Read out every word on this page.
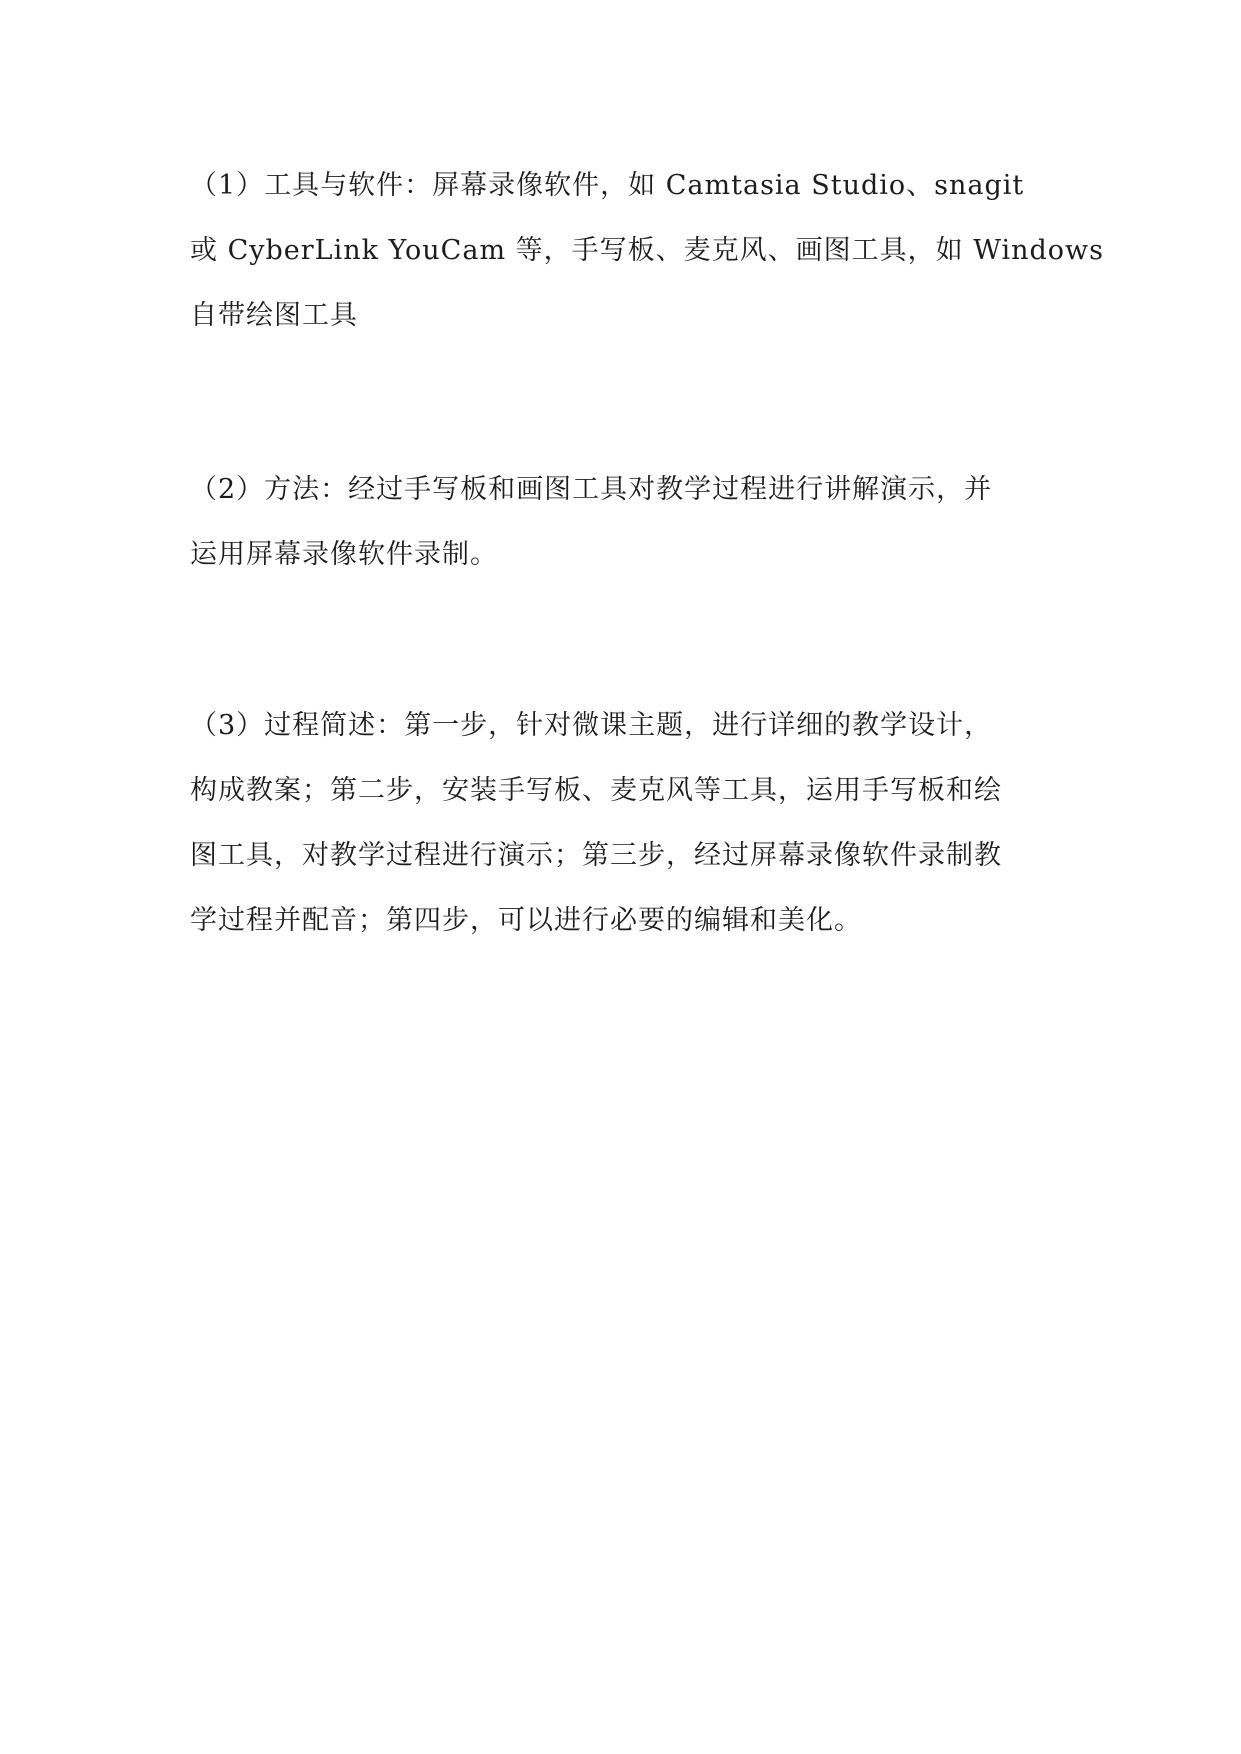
（1）工具与软件：屏幕录像软件，如 Camtasia Studio、snagit
或 CyberLink YouCam 等，手写板、麦克风、画图工具，如 Windows
自带绘图工具

（2）方法：经过手写板和画图工具对教学过程进行讲解演示，并
运用屏幕录像软件录制。

（3）过程简述：第一步，针对微课主题，进行详细的教学设计，
构成教案；第二步，安装手写板、麦克风等工具，运用手写板和绘
图工具，对教学过程进行演示；第三步，经过屏幕录像软件录制教
学过程并配音；第四步，可以进行必要的编辑和美化。
